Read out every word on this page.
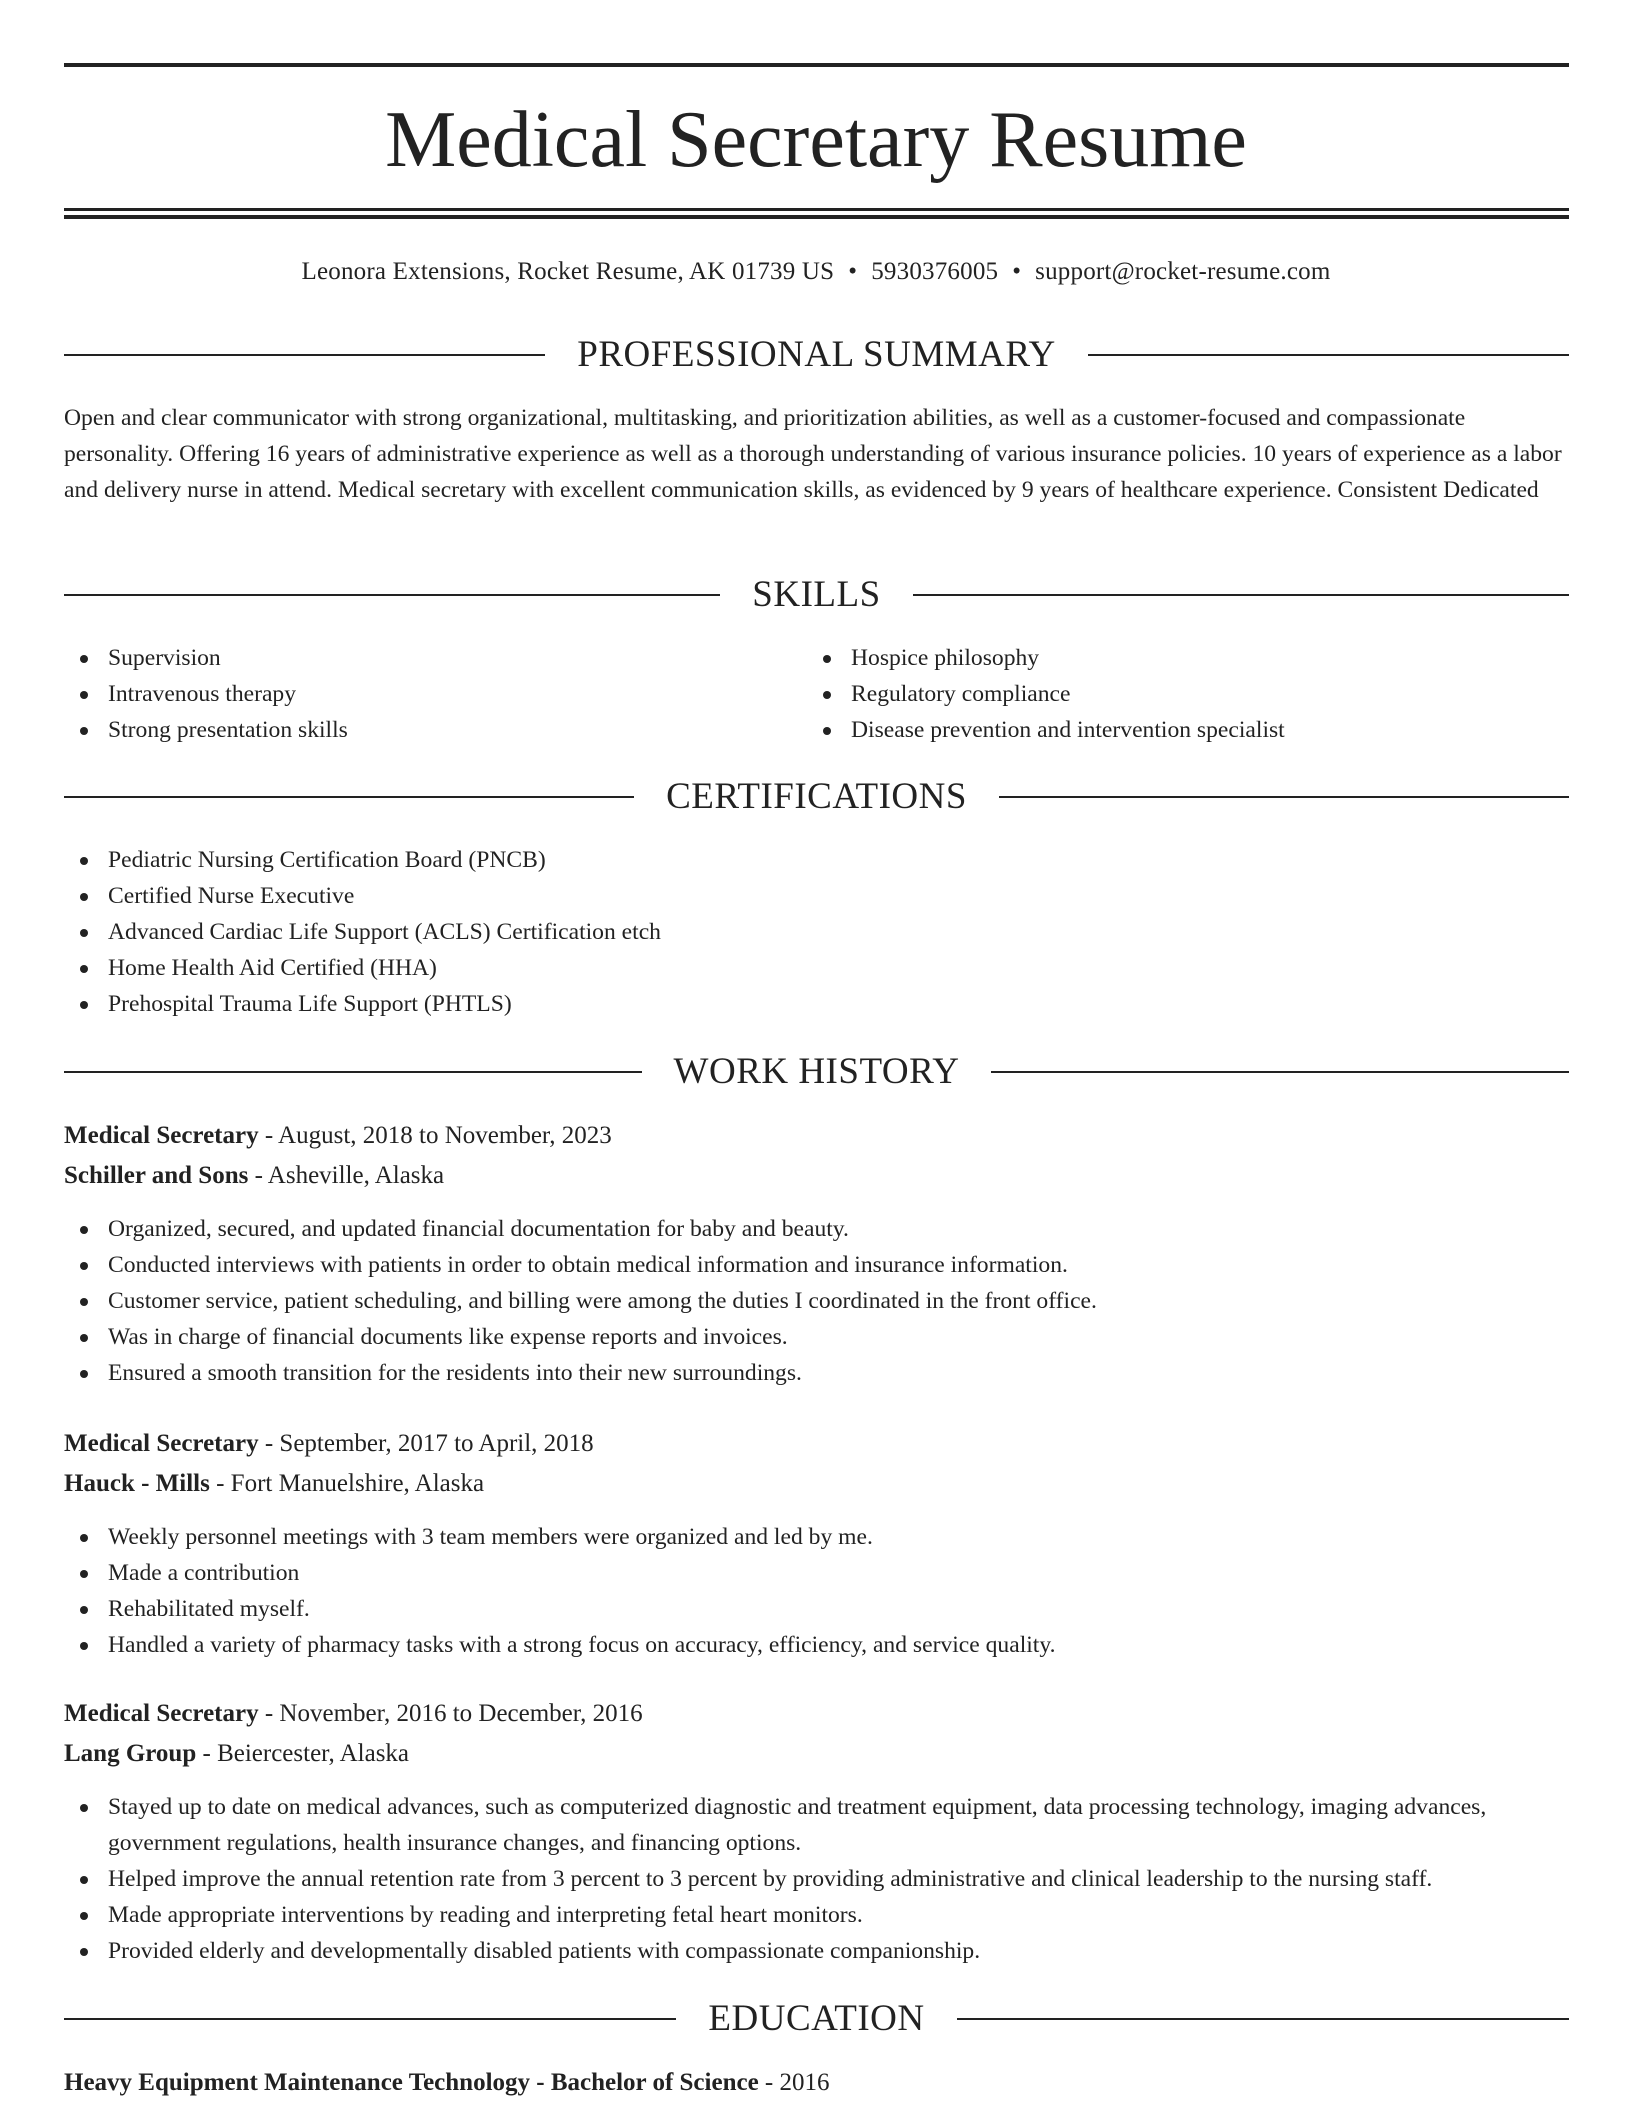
Medical Secretary Resume
Leonora Extensions, Rocket Resume, AK 01739 US • 5930376005 • support@rocket-resume.com
PROFESSIONAL SUMMARY

Open and clear communicator with strong organizational, multitasking, and prioritization abilities, as well as a customer-focused and compassionate personality. Offering 16 years of administrative experience as well as a thorough understanding of various insurance policies. 10 years of experience as a labor and delivery nurse in attend. Medical secretary with excellent communication skills, as evidenced by 9 years of healthcare experience. Consistent Dedicated

SKILLS
Supervision
Intravenous therapy
Strong presentation skills
Hospice philosophy
Regulatory compliance
Disease prevention and intervention specialist
CERTIFICATIONS
Pediatric Nursing Certification Board (PNCB)
Certified Nurse Executive
Advanced Cardiac Life Support (ACLS) Certification etch
Home Health Aid Certified (HHA)
Prehospital Trauma Life Support (PHTLS)
WORK HISTORY
Medical Secretary - August, 2018 to November, 2023
Schiller and Sons - Asheville, Alaska
Organized, secured, and updated financial documentation for baby and beauty.
Conducted interviews with patients in order to obtain medical information and insurance information.
Customer service, patient scheduling, and billing were among the duties I coordinated in the front office.
Was in charge of financial documents like expense reports and invoices.
Ensured a smooth transition for the residents into their new surroundings.
Medical Secretary - September, 2017 to April, 2018
Hauck - Mills - Fort Manuelshire, Alaska
Weekly personnel meetings with 3 team members were organized and led by me.
Made a contribution
Rehabilitated myself.
Handled a variety of pharmacy tasks with a strong focus on accuracy, efficiency, and service quality.
Medical Secretary - November, 2016 to December, 2016
Lang Group - Beiercester, Alaska
Stayed up to date on medical advances, such as computerized diagnostic and treatment equipment, data processing technology, imaging advances, government regulations, health insurance changes, and financing options.
Helped improve the annual retention rate from 3 percent to 3 percent by providing administrative and clinical leadership to the nursing staff.
Made appropriate interventions by reading and interpreting fetal heart monitors.
Provided elderly and developmentally disabled patients with compassionate companionship.
EDUCATION
Heavy Equipment Maintenance Technology - Bachelor of Science - 2016
